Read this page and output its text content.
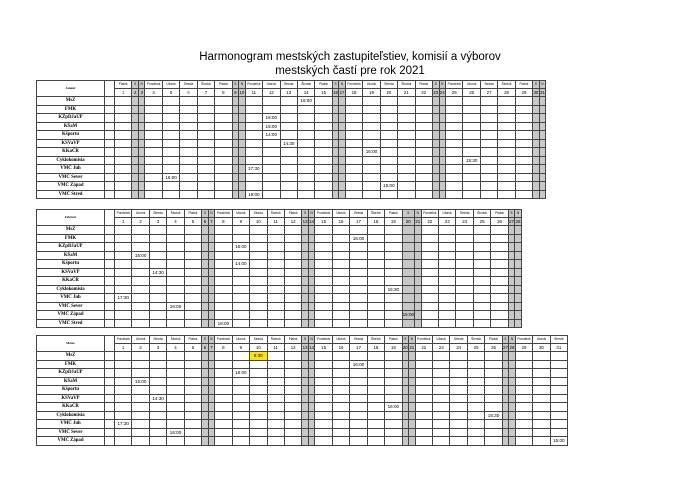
Harmonogram mestských zastupiteľstiev, komisií a výborov
mestských častí pre rok 2021
Január		Piatok	S	N	Pondelok	Utorok	Streda	Štvrtok	Piatok	S	N	Pondelok	Utorok	Streda	Štvrtok	Piatok	S	N	Pondelok	Utorok	Streda	Štvrtok	Piatok	S	N	Pondelok	Utorok	Streda	Štvrtok	Piatok	S	N
		1	2	3	4	5	6	7	8	9	10	11	12	13	14	15	16	17	18	19	20	21	22	23	24	25	26	27	28	29	30	31
MsZ															16:00																	
FMK																																
KŽpDJaÚP													16:00																			
KŠaM													15:00																			
Kšportu													14:00																			
KSVaVP														14:30																		
KKaCR																				16:00												
Cyklokomisia																											15:30					
VMČ Juh												17:30																				
VMČ Sever						16:00																										
VMČ Západ																					15:00											
VMČ Stred												16:00																				
Február		Pondelok	Utorok	Streda	Štvrtok	Piatok	S	N	Pondelok	Utorok	Streda	Štvrtok	Piatok	S	N	Pondelok	Utorok	Streda	Štvrtok	Piatok	S	N	Pondelok	Utorok	Streda	Štvrtok	Piatok	S	N
		1	2	3	4	5	6	7	8	9	10	11	12	13	14	15	16	17	18	19	20	21	22	23	24	25	26	27	28
MsZ																													
FMK																		16:00											
KŽpDJaÚP										16:00																			
KŠaM			15:00																										
Kšportu										14:00																			
KSVaVP				14:30																									
KKaCR																													
Cyklokomisia																				15:30									
VMČ Juh		17:30																											
VMČ Sever					16:00																								
VMČ Západ																					15:00								
VMČ Stred									16:00																				
Marec		Pondelok	Utorok	Streda	Štvrtok	Piatok	S	N	Pondelok	Utorok	Streda	Štvrtok	Piatok	S	N	Pondelok	Utorok	Streda	Štvrtok	Piatok	S	N	Pondelok	Utorok	Streda	Štvrtok	Piatok	S	N	Pondelok	Utorok	Streda
		1	2	3	4	5	6	7	8	9	10	11	12	13	14	15	16	17	18	19	20	21	22	23	24	25	26	27	28	29	30	31
MsZ											9:30																					
FMK																		16:00														
KŽpDJaÚP										16:00																						
KŠaM			15:00																													
Kšportu																																
KSVaVP				14:30																												
KKaCR																				16:00												
Cyklokomisia																											15:30					
VMČ Juh		17:30																														
VMČ Sever					16:00																											
VMČ Západ																																15:00
